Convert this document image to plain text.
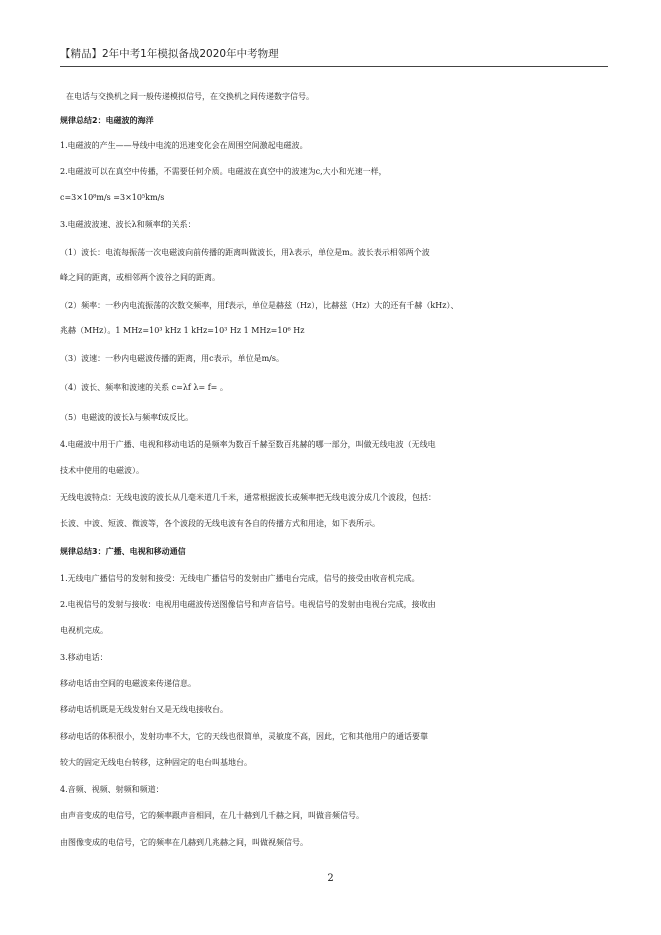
【精品】2年中考1年模拟备战2020年中考物理
在电话与交换机之间一般传递模拟信号，在交换机之间传递数字信号。
规律总结2：电磁波的海洋
1.电磁波的产生——导线中电流的迅速变化会在周围空间激起电磁波。
2.电磁波可以在真空中传播，不需要任何介质。电磁波在真空中的波速为c,大小和光速一样，
c=3×10⁸m/s =3×10⁵km/s
3.电磁波波速、波长λ和频率f的关系：
（1）波长：电流每振荡一次电磁波向前传播的距离叫做波长，用λ表示，单位是m。波长表示相邻两个波
峰之间的距离，或相邻两个波谷之间的距离。
（2）频率：一秒内电流振荡的次数交频率，用f表示，单位是赫兹（Hz），比赫兹（Hz）大的还有千赫（kHz）、
兆赫（MHz）。1 MHz=10³ kHz 1 kHz=10³ Hz 1 MHz=10⁶ Hz
（3）波速：一秒内电磁波传播的距离，用c表示，单位是m/s。
（4）波长、频率和波速的关系 c=λf λ= f= 。
（5）电磁波的波长λ与频率f成反比。
4.电磁波中用于广播、电视和移动电话的是频率为数百千赫至数百兆赫的哪一部分，叫做无线电波（无线电
技术中使用的电磁波）。
无线电波特点：无线电波的波长从几毫米道几千米，通常根据波长或频率把无线电波分成几个波段，包括：
长波、中波、短波、微波等，各个波段的无线电波有各自的传播方式和用途，如下表所示。
规律总结3：广播、电视和移动通信
1.无线电广播信号的发射和接受：无线电广播信号的发射由广播电台完成，信号的接受由收音机完成。
2.电视信号的发射与接收：电视用电磁波传送图像信号和声音信号。电视信号的发射由电视台完成，接收由
电视机完成。
3.移动电话：
移动电话由空间的电磁波来传递信息。
移动电话机既是无线发射台又是无线电接收台。
移动电话的体积很小，发射功率不大，它的天线也很简单，灵敏度不高，因此，它和其他用户的通话要靠
较大的固定无线电台转移，这种固定的电台叫基地台。
4.音频、视频、射频和频道：
由声音变成的电信号，它的频率跟声音相同，在几十赫到几千赫之间，叫做音频信号。
由图像变成的电信号，它的频率在几赫到几兆赫之间，叫做视频信号。
2
